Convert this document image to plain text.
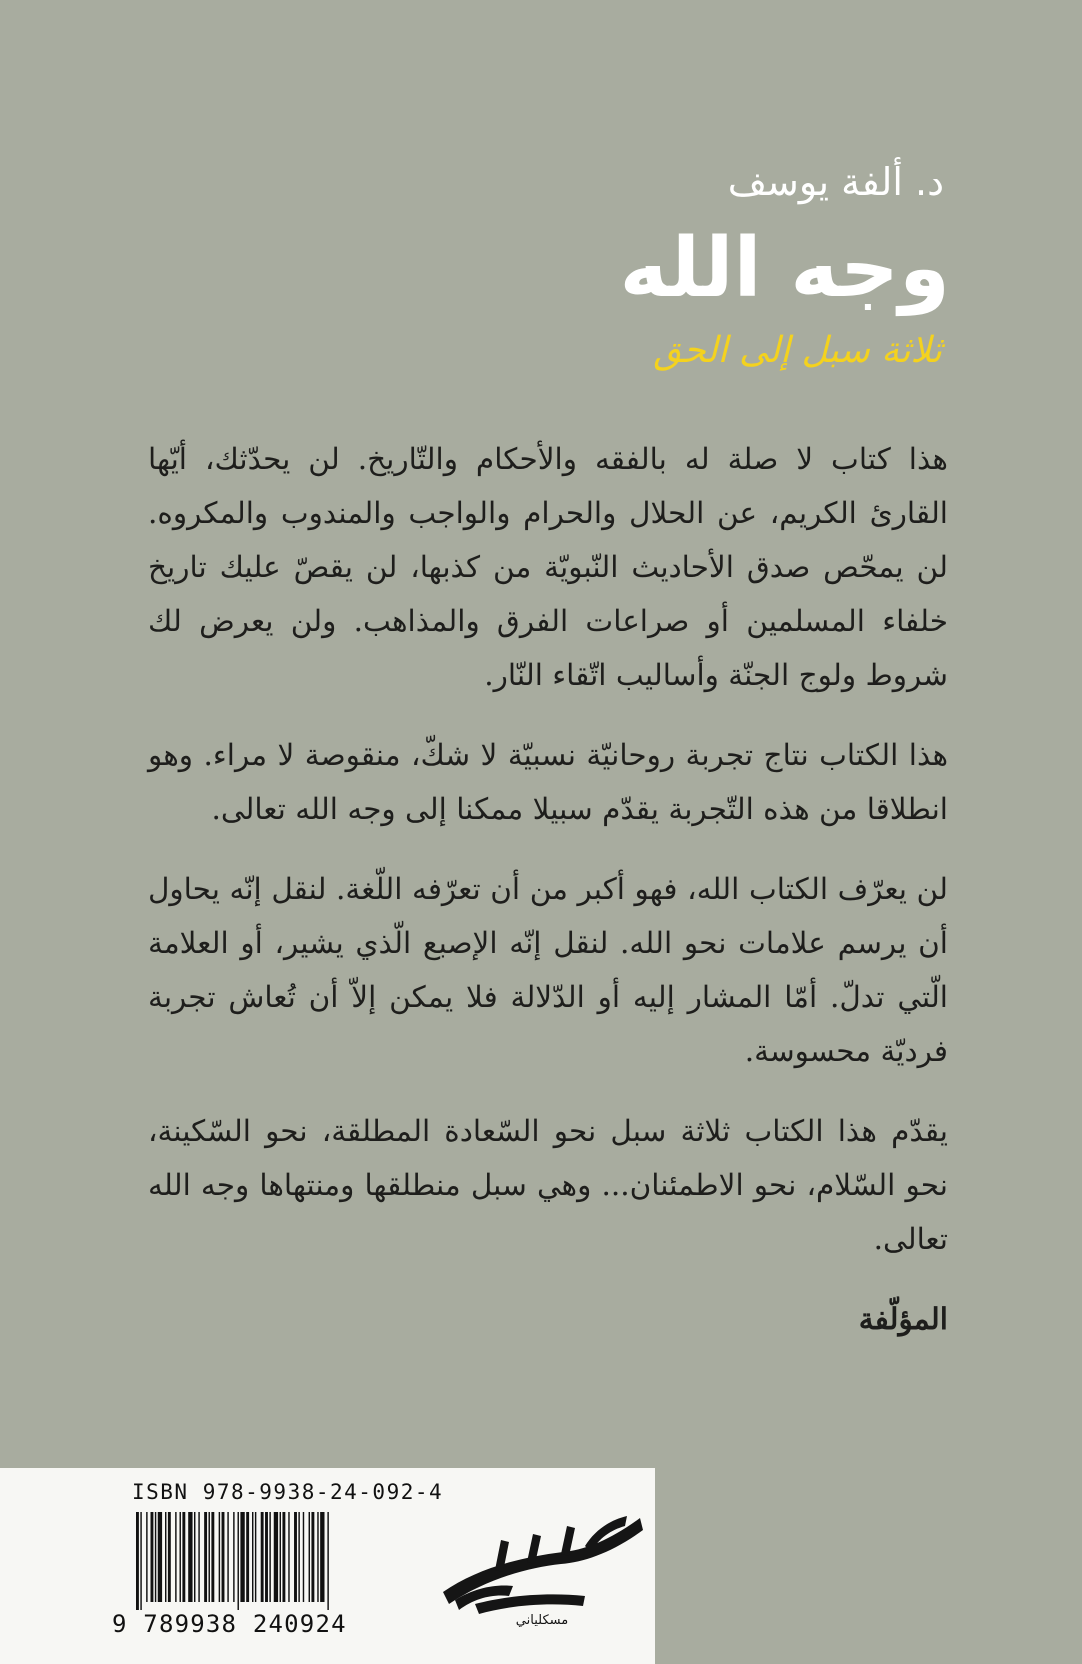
د. ألفة يوسف
وجه الله
ثلاثة سبل إلى الحق

هذا كتاب لا صلة له بالفقه والأحكام والتّاريخ. لن يحدّثك، أيّها القارئ الكريم، عن الحلال والحرام والواجب والمندوب والمكروه. لن يمحّص صدق الأحاديث النّبويّة من كذبها، لن يقصّ عليك تاريخ خلفاء المسلمين أو صراعات الفرق والمذاهب. ولن يعرض لك شروط ولوج الجنّة وأساليب اتّقاء النّار.

هذا الكتاب نتاج تجربة روحانيّة نسبيّة لا شكّ، منقوصة لا مراء. وهو انطلاقا من هذه التّجربة يقدّم سبيلا ممكنا إلى وجه الله تعالى.

لن يعرّف الكتاب الله، فهو أكبر من أن تعرّفه اللّغة. لنقل إنّه يحاول أن يرسم علامات نحو الله. لنقل إنّه الإصبع الّذي يشير، أو العلامة الّتي تدلّ. أمّا المشار إليه أو الدّلالة فلا يمكن إلاّ أن تُعاش تجربة فرديّة محسوسة.

يقدّم هذا الكتاب ثلاثة سبل نحو السّعادة المطلقة، نحو السّكينة، نحو السّلام، نحو الاطمئنان... وهي سبل منطلقها ومنتهاها وجه الله تعالى.

المؤلّفة

ISBN 978-9938-24-092-4
9 789938 240924	مسكلياني
